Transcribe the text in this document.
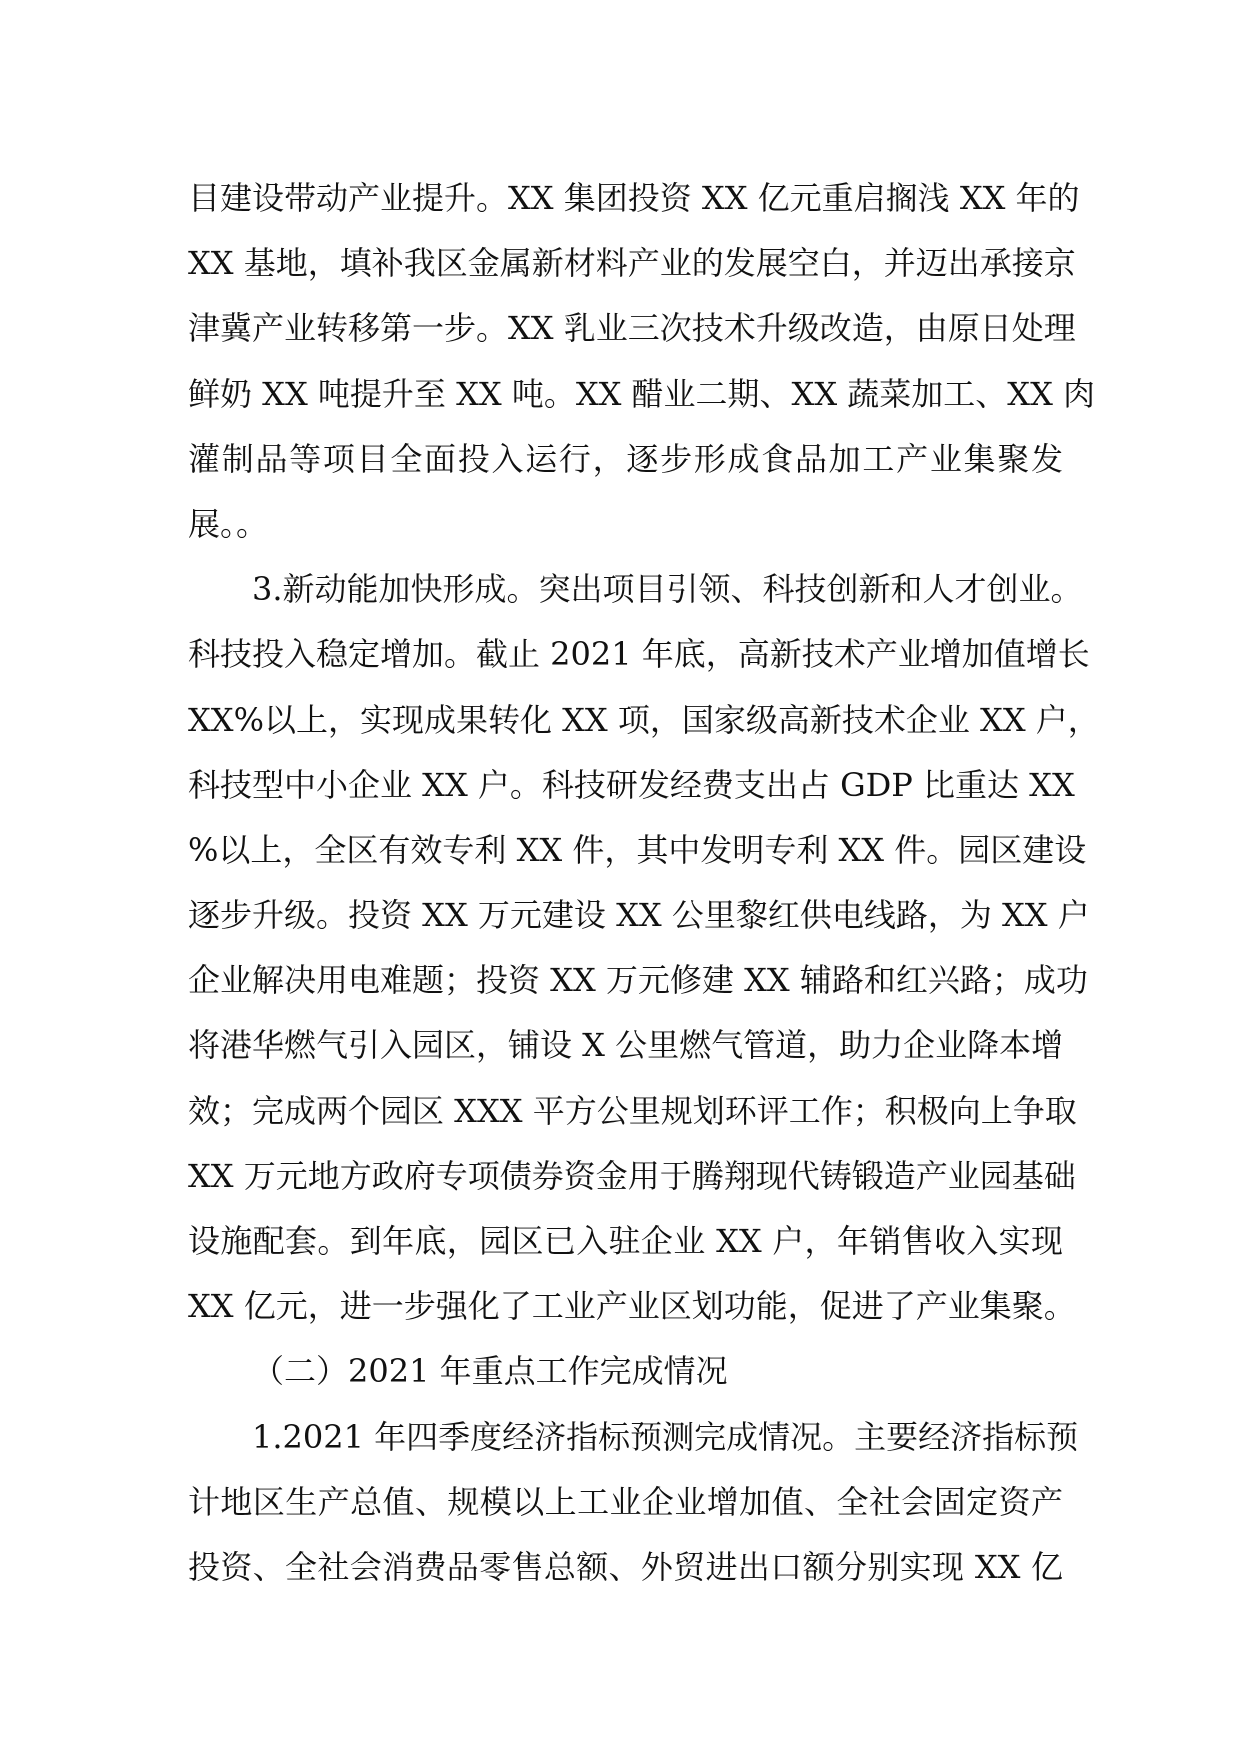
目建设带动产业提升。XX 集团投资 XX 亿元重启搁浅 XX 年的
XX 基地，填补我区金属新材料产业的发展空白，并迈出承接京
津冀产业转移第一步。XX 乳业三次技术升级改造，由原日处理
鲜奶 XX 吨提升至 XX 吨。XX 醋业二期、XX 蔬菜加工、XX 肉
灌制品等项目全面投入运行，逐步形成食品加工产业集聚发
展。。
3.新动能加快形成。突出项目引领、科技创新和人才创业。
科技投入稳定增加。截止 2021 年底，高新技术产业增加值增长
XX%以上，实现成果转化 XX 项，国家级高新技术企业 XX 户，
科技型中小企业 XX 户。科技研发经费支出占 GDP 比重达 XX
%以上，全区有效专利 XX 件，其中发明专利 XX 件。园区建设
逐步升级。投资 XX 万元建设 XX 公里黎红供电线路，为 XX 户
企业解决用电难题；投资 XX 万元修建 XX 辅路和红兴路；成功
将港华燃气引入园区，铺设 X 公里燃气管道，助力企业降本增
效；完成两个园区 XXX 平方公里规划环评工作；积极向上争取
XX 万元地方政府专项债券资金用于腾翔现代铸锻造产业园基础
设施配套。到年底，园区已入驻企业 XX 户，年销售收入实现
XX 亿元，进一步强化了工业产业区划功能，促进了产业集聚。
（二）2021 年重点工作完成情况
1.2021 年四季度经济指标预测完成情况。主要经济指标预
计地区生产总值、规模以上工业企业增加值、全社会固定资产
投资、全社会消费品零售总额、外贸进出口额分别实现 XX 亿
